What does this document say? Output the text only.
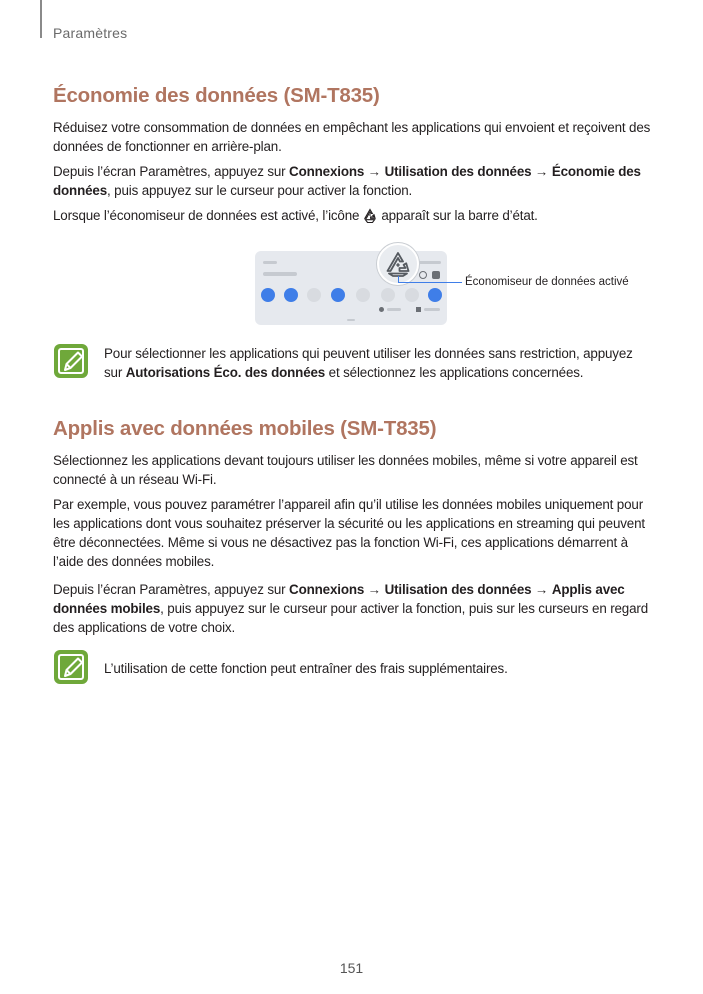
Paramètres
Économie des données (SM-T835)

Réduisez votre consommation de données en empêchant les applications qui envoient et reçoivent des données de fonctionner en arrière-plan.

Depuis l’écran Paramètres, appuyez sur Connexions → Utilisation des données → Économie des données, puis appuyez sur le curseur pour activer la fonction.

Lorsque l’économiseur de données est activé, l’icône apparaît sur la barre d’état.

Économiseur de données activé

Pour sélectionner les applications qui peuvent utiliser les données sans restriction, appuyez sur Autorisations Éco. des données et sélectionnez les applications concernées.

Applis avec données mobiles (SM-T835)

Sélectionnez les applications devant toujours utiliser les données mobiles, même si votre appareil est connecté à un réseau Wi-Fi.

Par exemple, vous pouvez paramétrer l’appareil afin qu’il utilise les données mobiles uniquement pour les applications dont vous souhaitez préserver la sécurité ou les applications en streaming qui peuvent être déconnectées. Même si vous ne désactivez pas la fonction Wi-Fi, ces applications démarrent à l’aide des données mobiles.

Depuis l’écran Paramètres, appuyez sur Connexions → Utilisation des données → Applis avec données mobiles, puis appuyez sur le curseur pour activer la fonction, puis sur les curseurs en regard des applications de votre choix.

L’utilisation de cette fonction peut entraîner des frais supplémentaires.

151
